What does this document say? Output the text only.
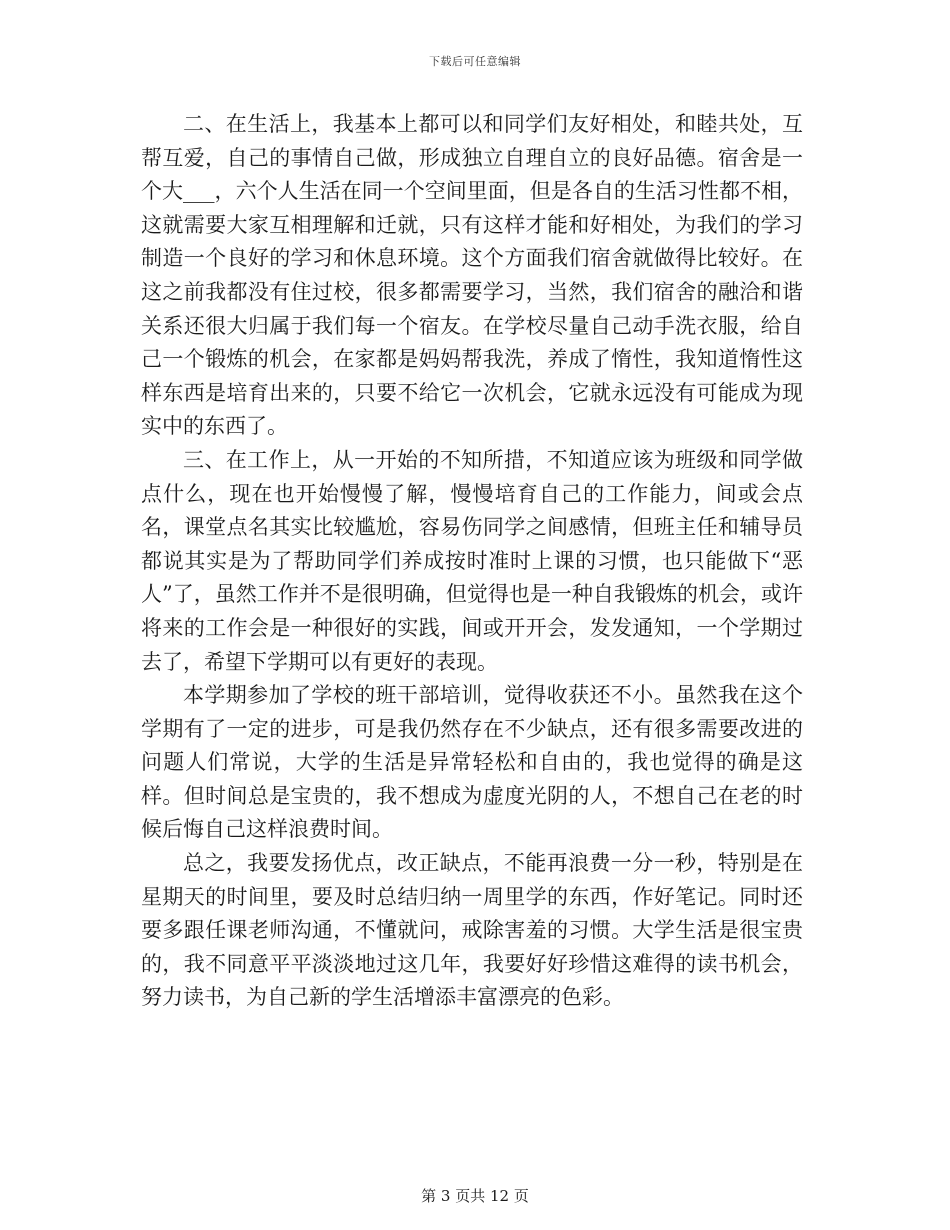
下载后可任意编辑

二、在生活上，我基本上都可以和同学们友好相处，和睦共处，互帮互爱，自己的事情自己做，形成独立自理自立的良好品德。宿舍是一个大___，六个人生活在同一个空间里面，但是各自的生活习性都不相，这就需要大家互相理解和迁就，只有这样才能和好相处，为我们的学习制造一个良好的学习和休息环境。这个方面我们宿舍就做得比较好。在这之前我都没有住过校，很多都需要学习，当然，我们宿舍的融洽和谐关系还很大归属于我们每一个宿友。在学校尽量自己动手洗衣服，给自己一个锻炼的机会，在家都是妈妈帮我洗，养成了惰性，我知道惰性这样东西是培育出来的，只要不给它一次机会，它就永远没有可能成为现实中的东西了。

三、在工作上，从一开始的不知所措，不知道应该为班级和同学做点什么，现在也开始慢慢了解，慢慢培育自己的工作能力，间或会点名，课堂点名其实比较尴尬，容易伤同学之间感情，但班主任和辅导员都说其实是为了帮助同学们养成按时准时上课的习惯，也只能做下“恶人”了，虽然工作并不是很明确，但觉得也是一种自我锻炼的机会，或许将来的工作会是一种很好的实践，间或开开会，发发通知，一个学期过去了，希望下学期可以有更好的表现。

本学期参加了学校的班干部培训，觉得收获还不小。虽然我在这个学期有了一定的进步，可是我仍然存在不少缺点，还有很多需要改进的问题人们常说，大学的生活是异常轻松和自由的，我也觉得的确是这样。但时间总是宝贵的，我不想成为虚度光阴的人，不想自己在老的时候后悔自己这样浪费时间。

总之，我要发扬优点，改正缺点，不能再浪费一分一秒，特别是在星期天的时间里，要及时总结归纳一周里学的东西，作好笔记。同时还要多跟任课老师沟通，不懂就问，戒除害羞的习惯。大学生活是很宝贵的，我不同意平平淡淡地过这几年，我要好好珍惜这难得的读书机会，努力读书，为自己新的学生活增添丰富漂亮的色彩。

第 3 页共 12 页
